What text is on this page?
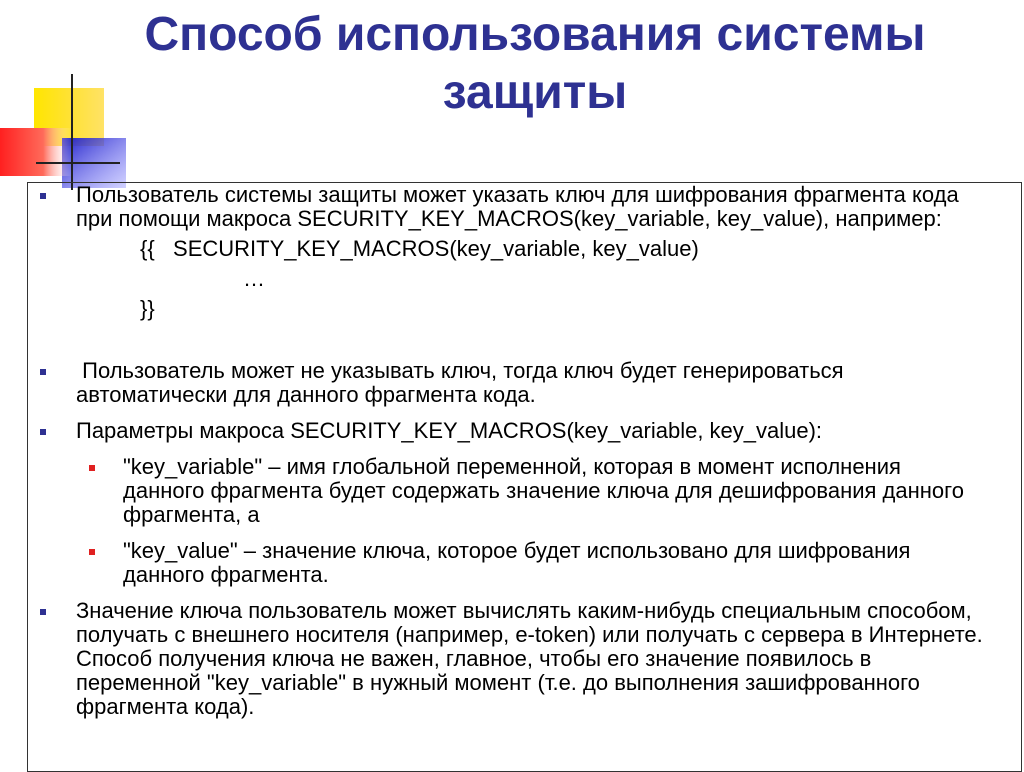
Способ использования системы защиты
Пользователь системы защиты может указать ключ для шифрования фрагмента кода при помощи макроса SECURITY_KEY_MACROS(key_variable, key_value), например:
{{   SECURITY_KEY_MACROS(key_variable, key_value)
…
}}
Пользователь может не указывать ключ, тогда ключ будет генерироваться автоматически для данного фрагмента кода.
Параметры макроса SECURITY_KEY_MACROS(key_variable, key_value):
"key_variable" – имя глобальной переменной, которая в момент исполнения данного фрагмента будет содержать значение ключа для дешифрования данного фрагмента, а
"key_value" – значение ключа, которое будет использовано для шифрования данного фрагмента.
Значение ключа пользователь может вычислять каким-нибудь специальным способом, получать с внешнего носителя (например, e-token) или получать с сервера в Интернете. Способ получения ключа не важен, главное, чтобы его значение появилось в переменной "key_variable" в нужный момент (т.е. до выполнения зашифрованного фрагмента кода).
